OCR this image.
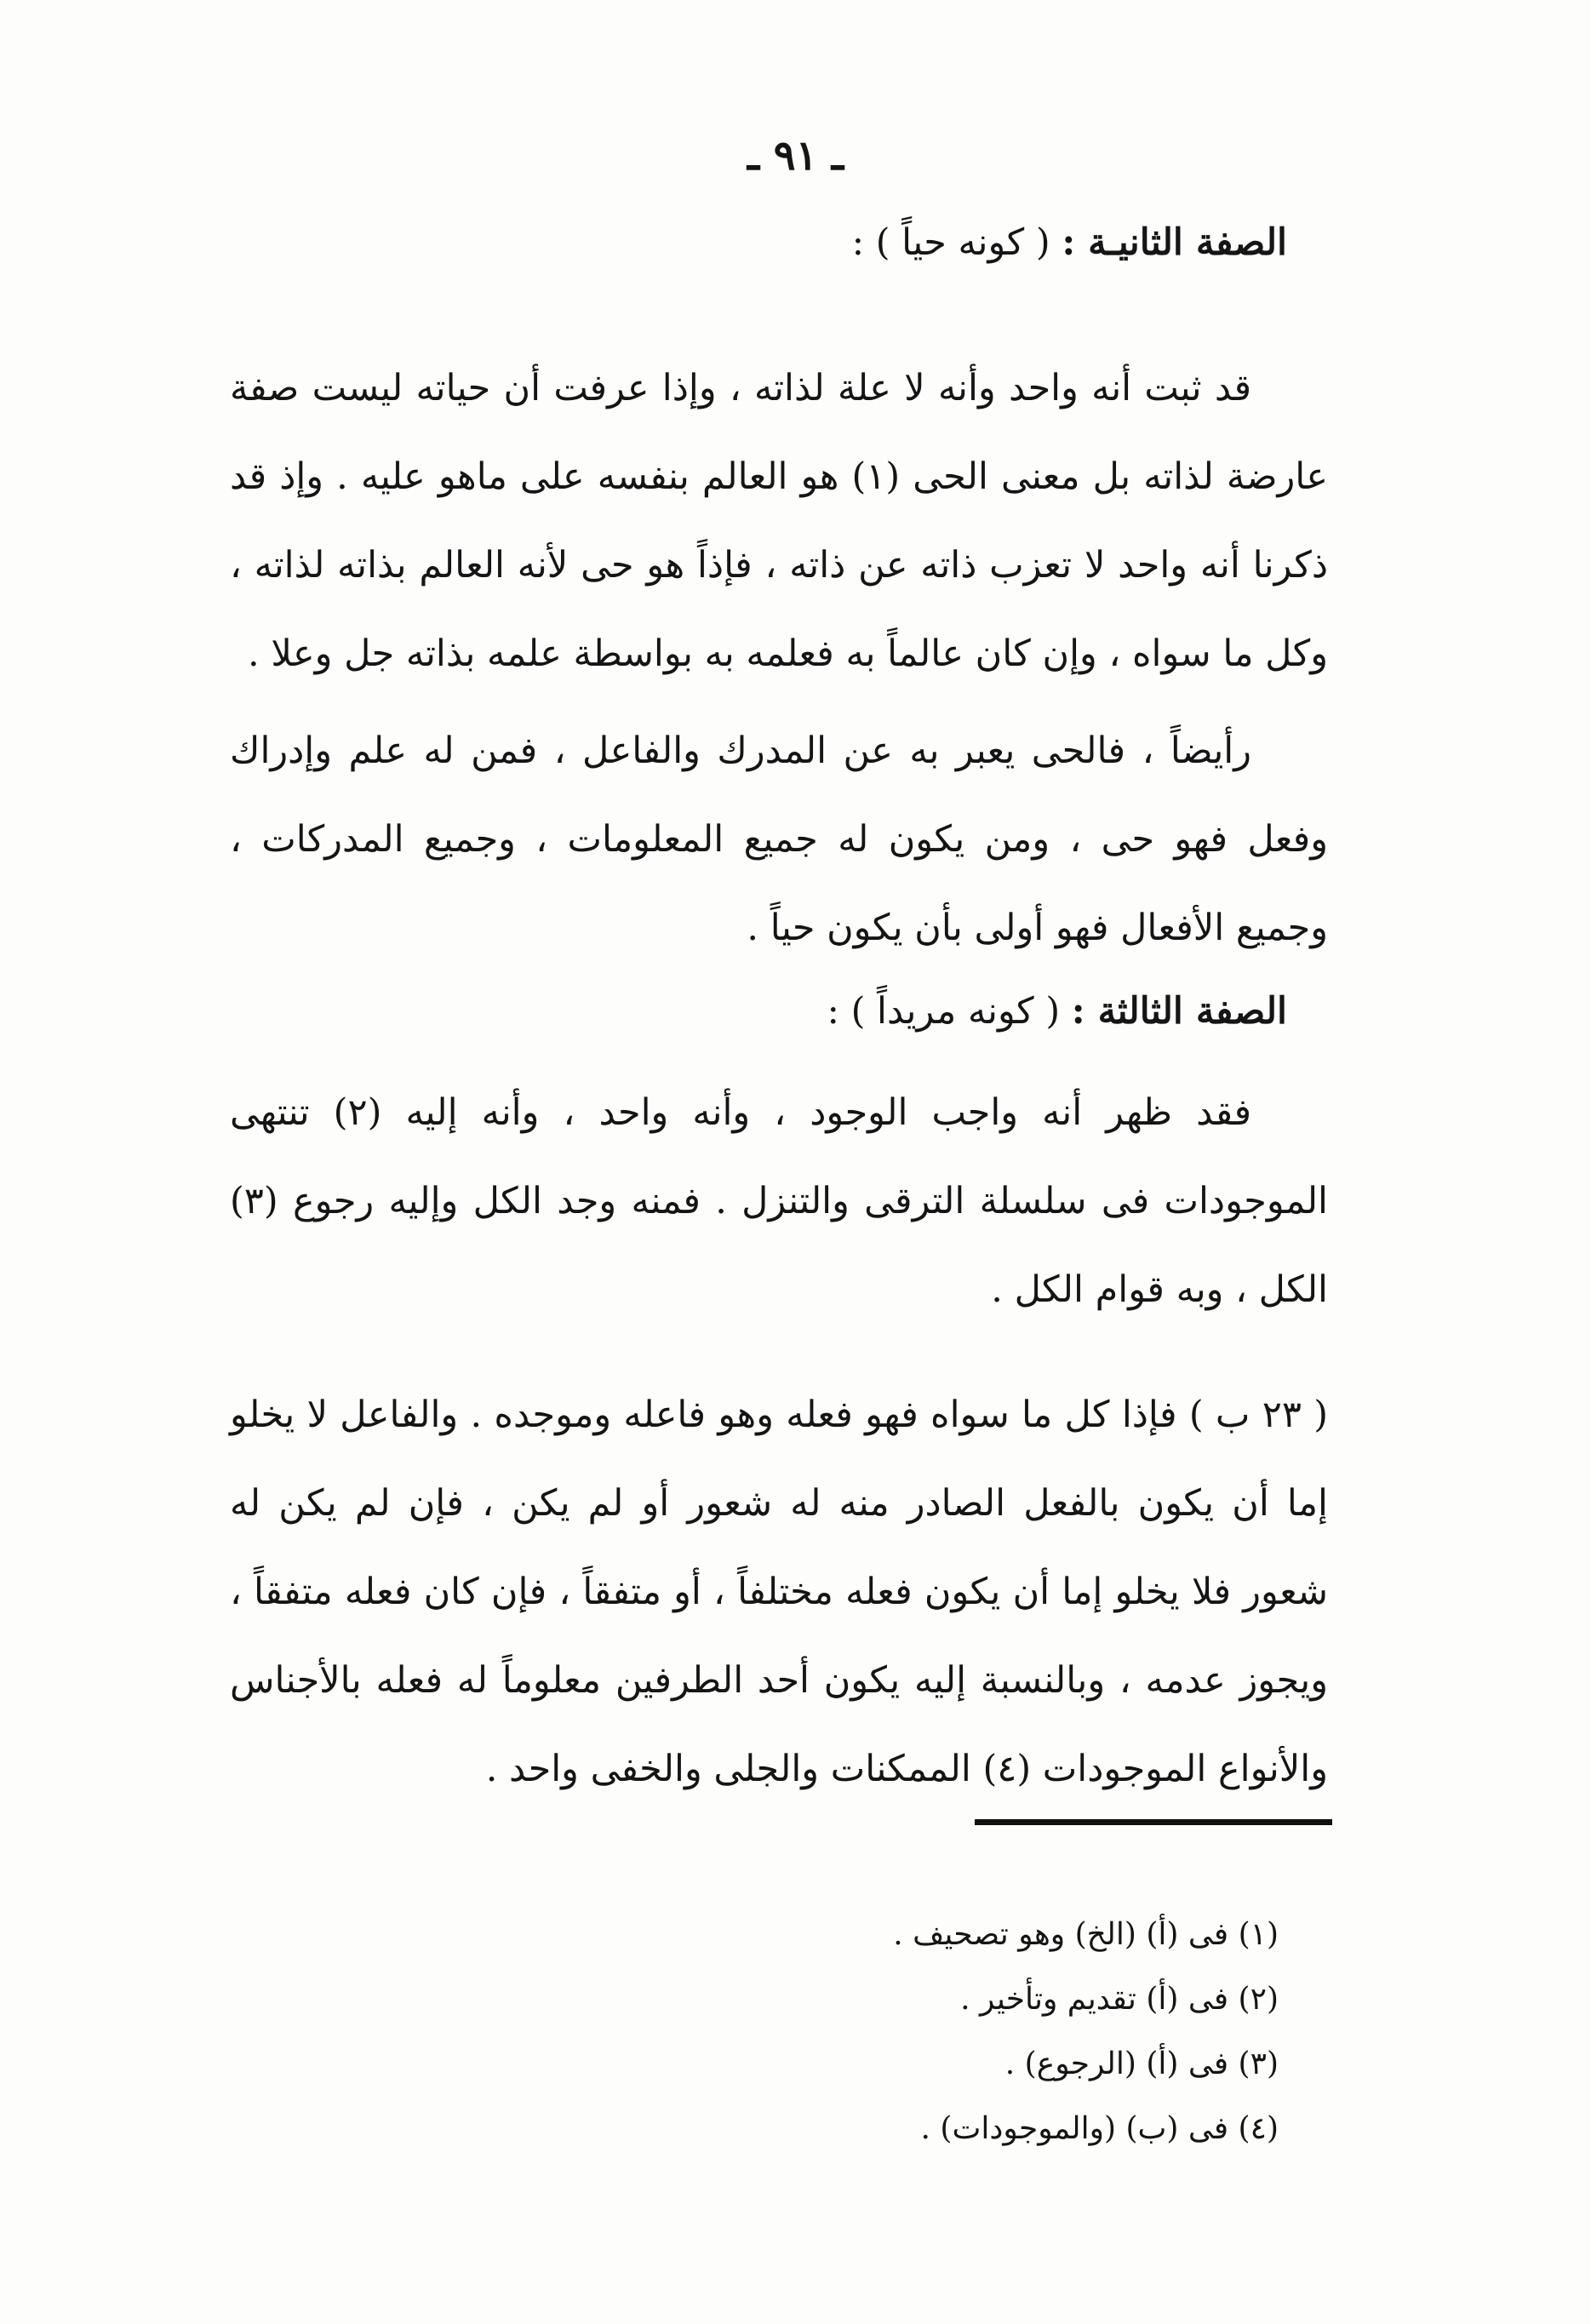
ـ ٩١ ـ
الصفة الثانيـة : ( كونه حياً ) :
قد ثبت أنه واحد وأنه لا علة لذاته ، وإذا عرفت أن حياته ليست صفة عارضة لذاته بل معنى الحى (١) هو العالم بنفسه على ماهو عليه . وإذ قد ذكرنا أنه واحد لا تعزب ذاته عن ذاته ، فإذاً هو حى لأنه العالم بذاته لذاته ، وكل ما سواه ، وإن كان عالماً به فعلمه به بواسطة علمه بذاته جل وعلا .
رأيضاً ، فالحى يعبر به عن المدرك والفاعل ، فمن له علم وإدراك وفعل فهو حى ، ومن يكون له جميع المعلومات ، وجميع المدركات ، وجميع الأفعال فهو أولى بأن يكون حياً .
الصفة الثالثة : ( كونه مريداً ) :
فقد ظهر أنه واجب الوجود ، وأنه واحد ، وأنه إليه (٢) تنتهى الموجودات فى سلسلة الترقى والتنزل . فمنه وجد الكل وإليه رجوع (٣) الكل ، وبه قوام الكل .
( ٢٣ ب ) فإذا كل ما سواه فهو فعله وهو فاعله وموجده . والفاعل لا يخلو إما أن يكون بالفعل الصادر منه له شعور أو لم يكن ، فإن لم يكن له شعور فلا يخلو إما أن يكون فعله مختلفاً ، أو متفقاً ، فإن كان فعله متفقاً ، ويجوز عدمه ، وبالنسبة إليه يكون أحد الطرفين معلوماً له فعله بالأجناس والأنواع الموجودات (٤) الممكنات والجلى والخفى واحد .
(١) فى (أ) (الخ) وهو تصحيف .
(٢) فى (أ) تقديم وتأخير .
(٣) فى (أ) (الرجوع) .
(٤) فى (ب) (والموجودات) .
